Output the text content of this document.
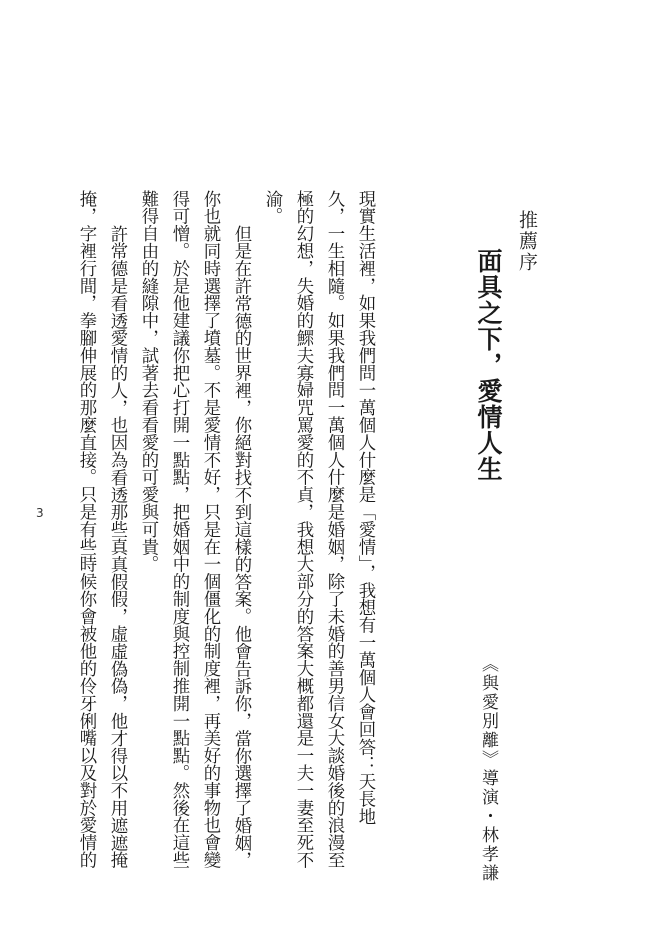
推薦序
面具之下，愛情人生
《與愛別離》導演・林孝謙
現實生活裡，如果我們問一萬個人什麼是「愛情」，我想有一萬個人會回答：天長地
久，一生相隨。如果我們問一萬個人什麼是婚姻，除了未婚的善男信女大談婚後的浪漫至
極的幻想，失婚的鰥夫寡婦咒罵愛的不貞，我想大部分的答案大概都還是一夫一妻至死不
渝。
但是在許常德的世界裡，你絕對找不到這樣的答案。他會告訴你，當你選擇了婚姻，
你也就同時選擇了墳墓。不是愛情不好，只是在一個僵化的制度裡，再美好的事物也會變
得可憎。於是他建議你把心打開一點點，把婚姻中的制度與控制推開一點點。然後在這些
難得自由的縫隙中，試著去看看愛的可愛與可貴。
許常德是看透愛情的人，也因為看透那些真真假假，虛虛偽偽，他才得以不用遮遮掩
掩，字裡行間，拳腳伸展的那麼直接。只是有些時候你會被他的伶牙俐嘴以及對於愛情的
3
